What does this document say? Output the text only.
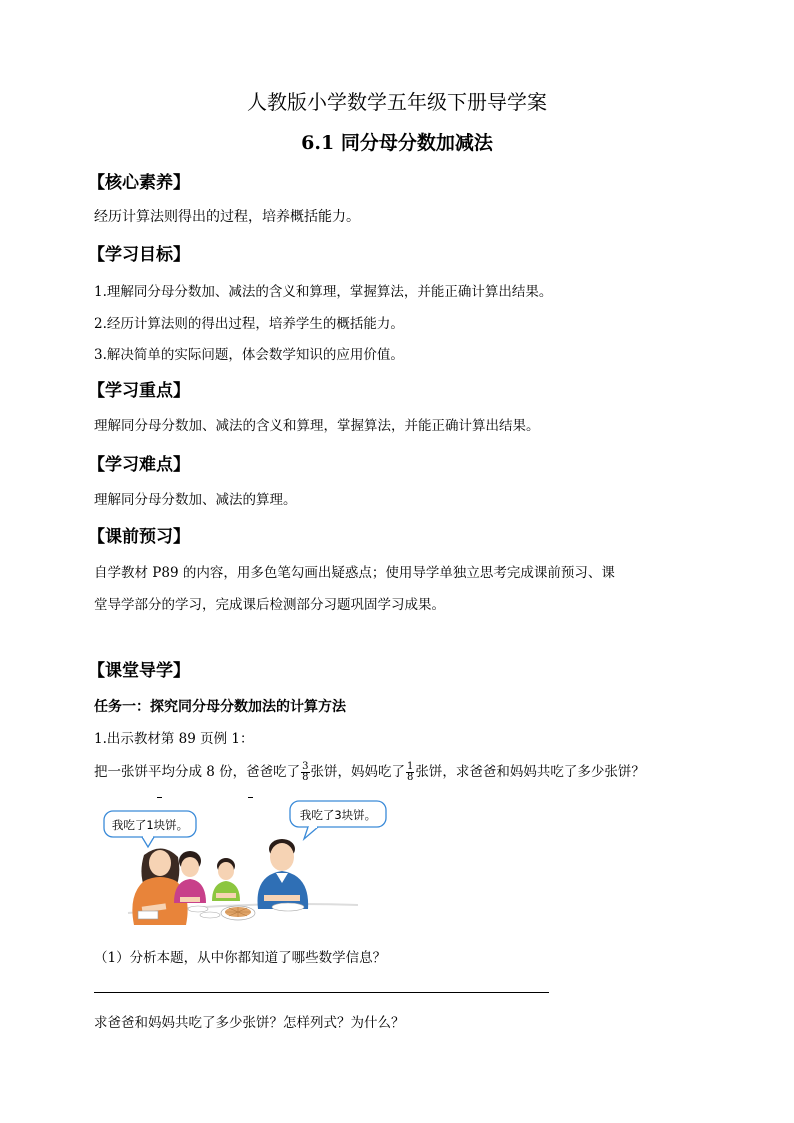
人教版小学数学五年级下册导学案
6.1 同分母分数加减法
【核心素养】
经历计算法则得出的过程，培养概括能力。
【学习目标】
1.理解同分母分数加、减法的含义和算理，掌握算法，并能正确计算出结果。
2.经历计算法则的得出过程，培养学生的概括能力。
3.解决简单的实际问题，体会数学知识的应用价值。
【学习重点】
理解同分母分数加、减法的含义和算理，掌握算法，并能正确计算出结果。
【学习难点】
理解同分母分数加、减法的算理。
【课前预习】
自学教材 P89 的内容，用多色笔勾画出疑惑点；使用导学单独立思考完成课前预习、课
堂导学部分的学习，完成课后检测部分习题巩固学习成果。
【课堂导学】
任务一：探究同分母分数加法的计算方法
1.出示教材第 89 页例 1：
把一张饼平均分成 8 份，爸爸吃了 $\frac{3}{8}$ 张饼，妈妈吃了 $\frac{1}{8}$ 张饼，求爸爸和妈妈共吃了多少张饼？
我吃了1块饼。
我吃了3块饼。
（1）分析本题，从中你都知道了哪些数学信息？
求爸爸和妈妈共吃了多少张饼？怎样列式？为什么？
